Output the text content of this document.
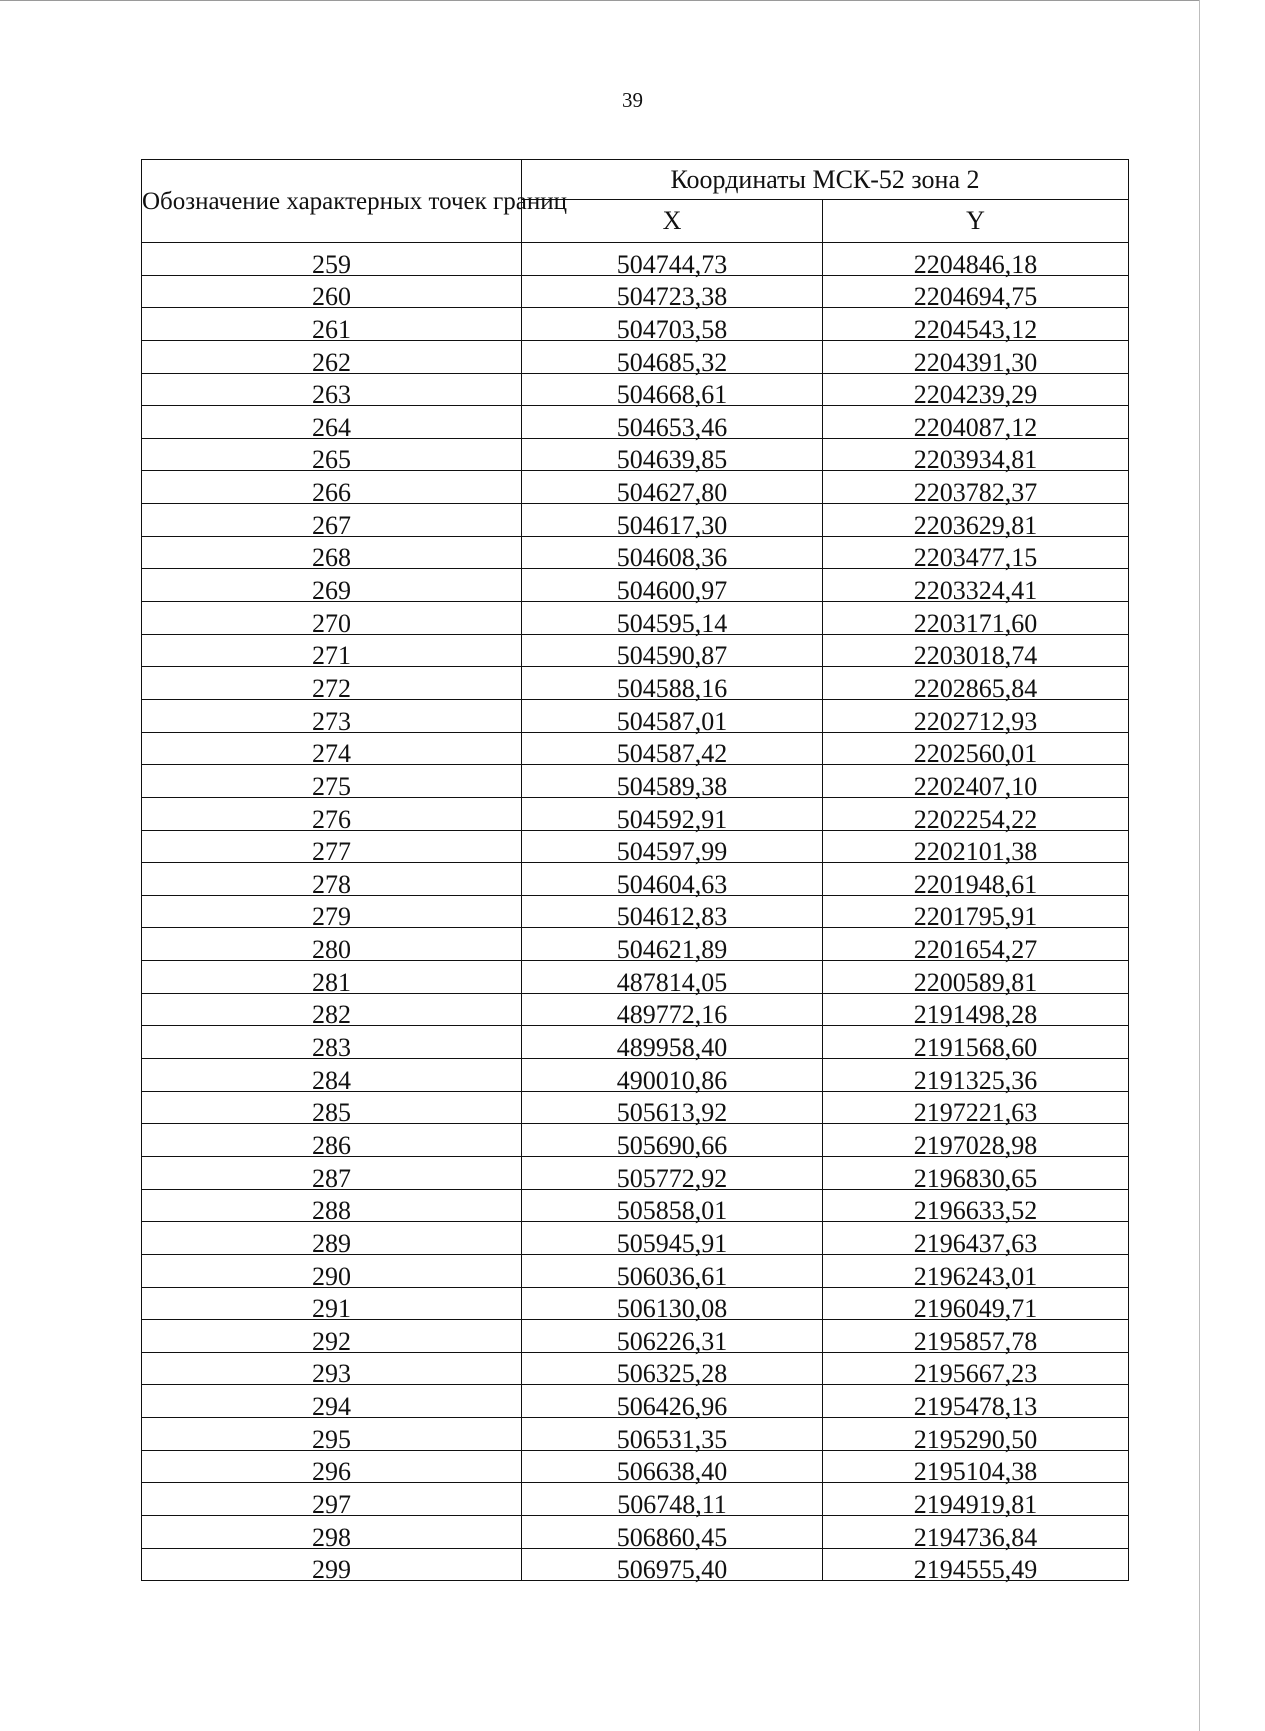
39
Обозначение характерных точек границ	Координаты МСК-52 зона 2	
	X	Y
259	504744,73	2204846,18
260	504723,38	2204694,75
261	504703,58	2204543,12
262	504685,32	2204391,30
263	504668,61	2204239,29
264	504653,46	2204087,12
265	504639,85	2203934,81
266	504627,80	2203782,37
267	504617,30	2203629,81
268	504608,36	2203477,15
269	504600,97	2203324,41
270	504595,14	2203171,60
271	504590,87	2203018,74
272	504588,16	2202865,84
273	504587,01	2202712,93
274	504587,42	2202560,01
275	504589,38	2202407,10
276	504592,91	2202254,22
277	504597,99	2202101,38
278	504604,63	2201948,61
279	504612,83	2201795,91
280	504621,89	2201654,27
281	487814,05	2200589,81
282	489772,16	2191498,28
283	489958,40	2191568,60
284	490010,86	2191325,36
285	505613,92	2197221,63
286	505690,66	2197028,98
287	505772,92	2196830,65
288	505858,01	2196633,52
289	505945,91	2196437,63
290	506036,61	2196243,01
291	506130,08	2196049,71
292	506226,31	2195857,78
293	506325,28	2195667,23
294	506426,96	2195478,13
295	506531,35	2195290,50
296	506638,40	2195104,38
297	506748,11	2194919,81
298	506860,45	2194736,84
299	506975,40	2194555,49
